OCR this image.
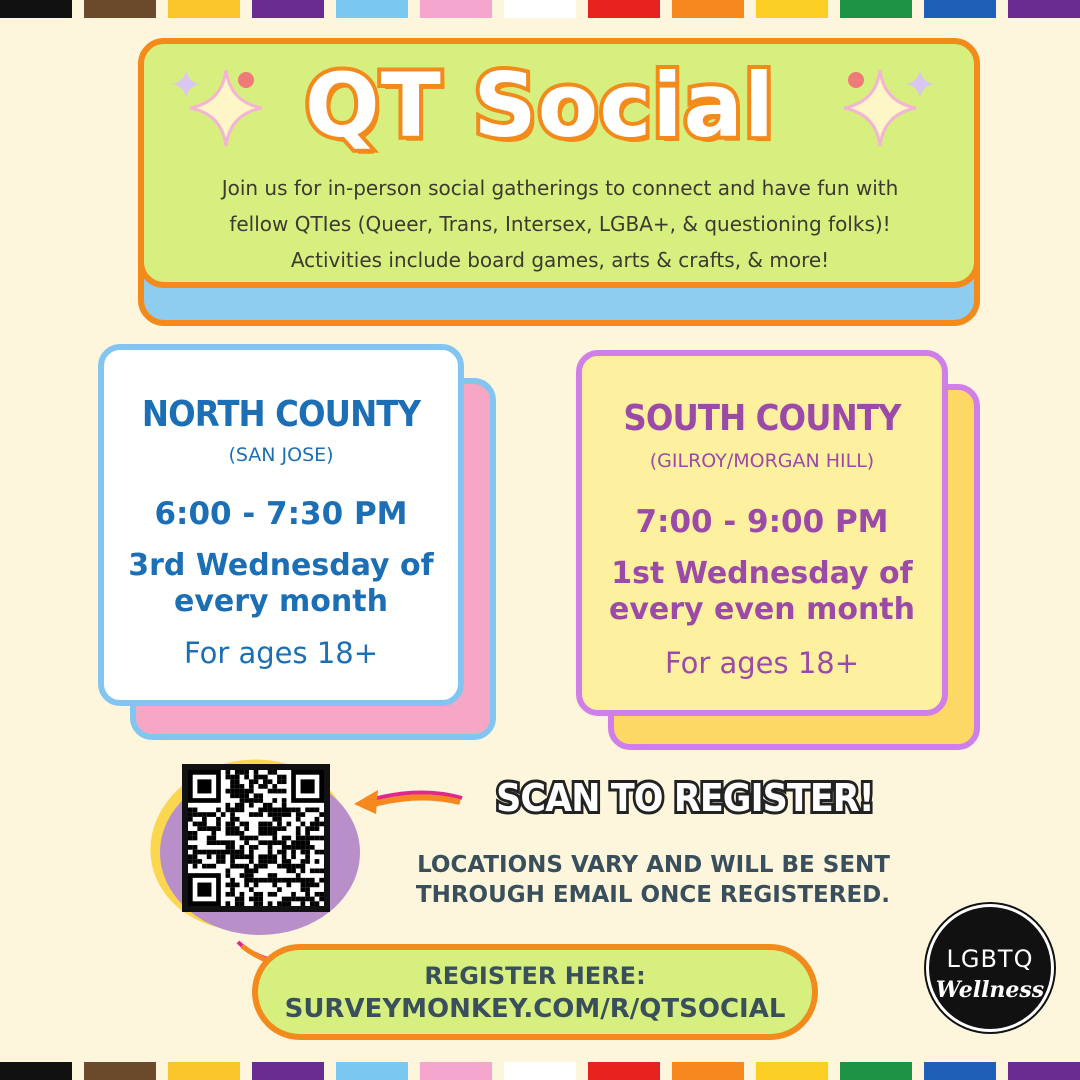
QT Social
Join us for in-person social gatherings to connect and have fun with fellow QTIes (Queer, Trans, Intersex, LGBA+, & questioning folks)! Activities include board games, arts & crafts, & more!
NORTH COUNTY
(SAN JOSE)
6:00 - 7:30 PM
3rd Wednesday of
every month
For ages 18+
SOUTH COUNTY
(GILROY/MORGAN HILL)
7:00 - 9:00 PM
1st Wednesday of
every even month
For ages 18+
SCAN TO REGISTER!
LOCATIONS VARY AND WILL BE SENT
THROUGH EMAIL ONCE REGISTERED.
REGISTER HERE:
SURVEYMONKEY.COM/R/QTSOCIAL
LGBTQ
Wellness
